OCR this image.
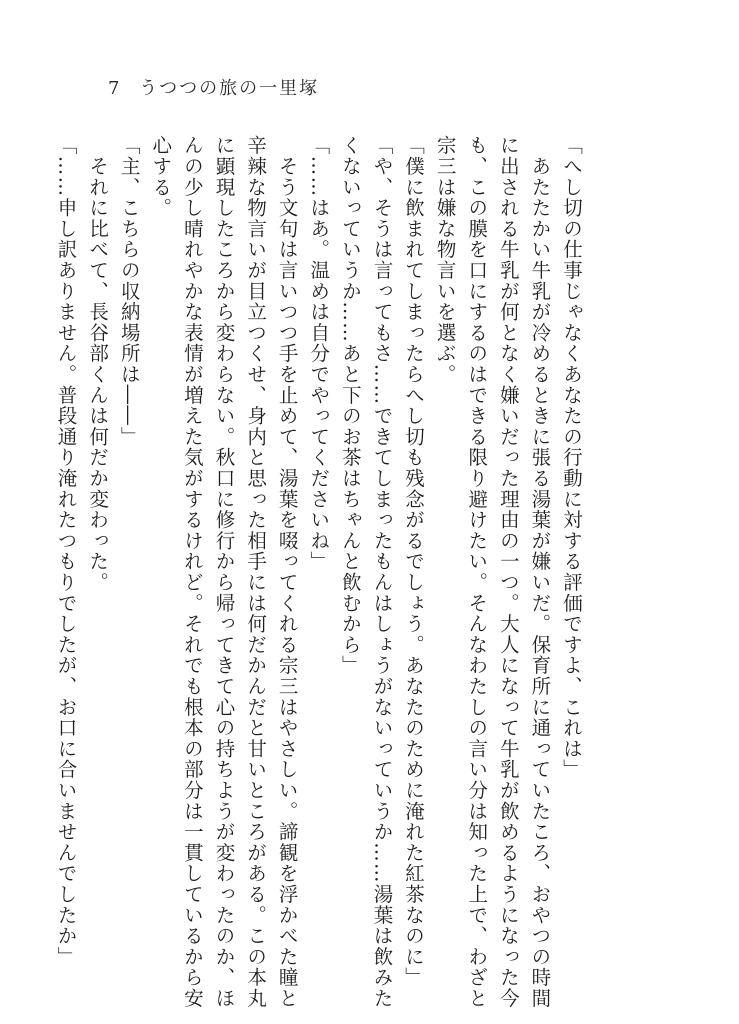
7 うつつの旅の一里塚
「へし切の仕事じゃなくあなたの行動に対する評価ですよ、これは」
　あたたかい牛乳が冷めるときに張る湯葉が嫌いだ。保育所に通っていたころ、おやつの時間
に出される牛乳が何となく嫌いだった理由の一つ。大人になって牛乳が飲めるようになった今
も、この膜を口にするのはできる限り避けたい。そんなわたしの言い分は知った上で、わざと
宗三は嫌な物言いを選ぶ。
「僕に飲まれてしまったらへし切も残念がるでしょう。あなたのために淹れた紅茶なのに」
「や、そうは言ってもさ……できてしまったもんはしょうがないっていうか……湯葉は飲みた
くないっていうか……あと下のお茶はちゃんと飲むから」
「……はあ。温めは自分でやってくださいね」
　そう文句は言いつつ手を止めて、湯葉を啜ってくれる宗三はやさしい。諦観を浮かべた瞳と
辛辣な物言いが目立つくせ、身内と思った相手には何だかんだと甘いところがある。この本丸
に顕現したころから変わらない。秋口に修行から帰ってきて心の持ちようが変わったのか、ほ
んの少し晴れやかな表情が増えた気がするけれど。それでも根本の部分は一貫しているから安
心する。
「主、こちらの収納場所は――」
　それに比べて、長谷部くんは何だか変わった。
「……申し訳ありません。普段通り淹れたつもりでしたが、お口に合いませんでしたか」
